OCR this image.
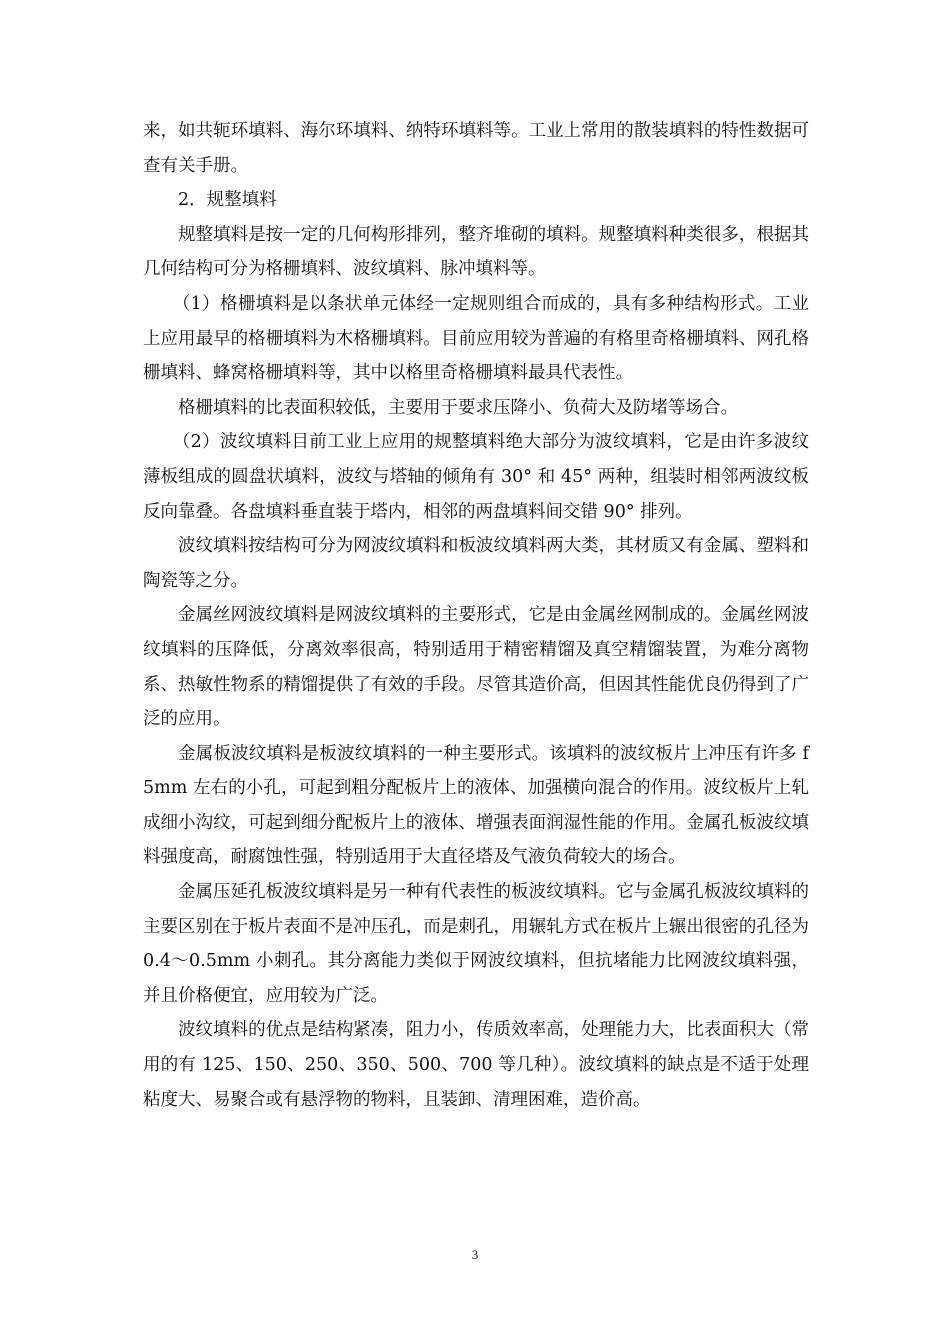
来，如共轭环填料、海尔环填料、纳特环填料等。工业上常用的散装填料的特性数据可查有关手册。

2．规整填料

规整填料是按一定的几何构形排列，整齐堆砌的填料。规整填料种类很多，根据其几何结构可分为格栅填料、波纹填料、脉冲填料等。

（1）格栅填料是以条状单元体经一定规则组合而成的，具有多种结构形式。工业上应用最早的格栅填料为木格栅填料。目前应用较为普遍的有格里奇格栅填料、网孔格栅填料、蜂窝格栅填料等，其中以格里奇格栅填料最具代表性。

格栅填料的比表面积较低，主要用于要求压降小、负荷大及防堵等场合。

（2）波纹填料目前工业上应用的规整填料绝大部分为波纹填料，它是由许多波纹薄板组成的圆盘状填料，波纹与塔轴的倾角有 30° 和 45° 两种，组装时相邻两波纹板反向靠叠。各盘填料垂直装于塔内，相邻的两盘填料间交错 90° 排列。

波纹填料按结构可分为网波纹填料和板波纹填料两大类，其材质又有金属、塑料和陶瓷等之分。

金属丝网波纹填料是网波纹填料的主要形式，它是由金属丝网制成的。金属丝网波纹填料的压降低，分离效率很高，特别适用于精密精馏及真空精馏装置，为难分离物系、热敏性物系的精馏提供了有效的手段。尽管其造价高，但因其性能优良仍得到了广泛的应用。

金属板波纹填料是板波纹填料的一种主要形式。该填料的波纹板片上冲压有许多 f5mm 左右的小孔，可起到粗分配板片上的液体、加强横向混合的作用。波纹板片上轧成细小沟纹，可起到细分配板片上的液体、增强表面润湿性能的作用。金属孔板波纹填料强度高，耐腐蚀性强，特别适用于大直径塔及气液负荷较大的场合。

金属压延孔板波纹填料是另一种有代表性的板波纹填料。它与金属孔板波纹填料的主要区别在于板片表面不是冲压孔，而是刺孔，用辗轧方式在板片上辗出很密的孔径为 0.4～0.5mm 小刺孔。其分离能力类似于网波纹填料，但抗堵能力比网波纹填料强，并且价格便宜，应用较为广泛。

波纹填料的优点是结构紧凑，阻力小，传质效率高，处理能力大，比表面积大（常用的有 125、150、250、350、500、700 等几种）。波纹填料的缺点是不适于处理粘度大、易聚合或有悬浮物的物料，且装卸、清理困难，造价高。

3
